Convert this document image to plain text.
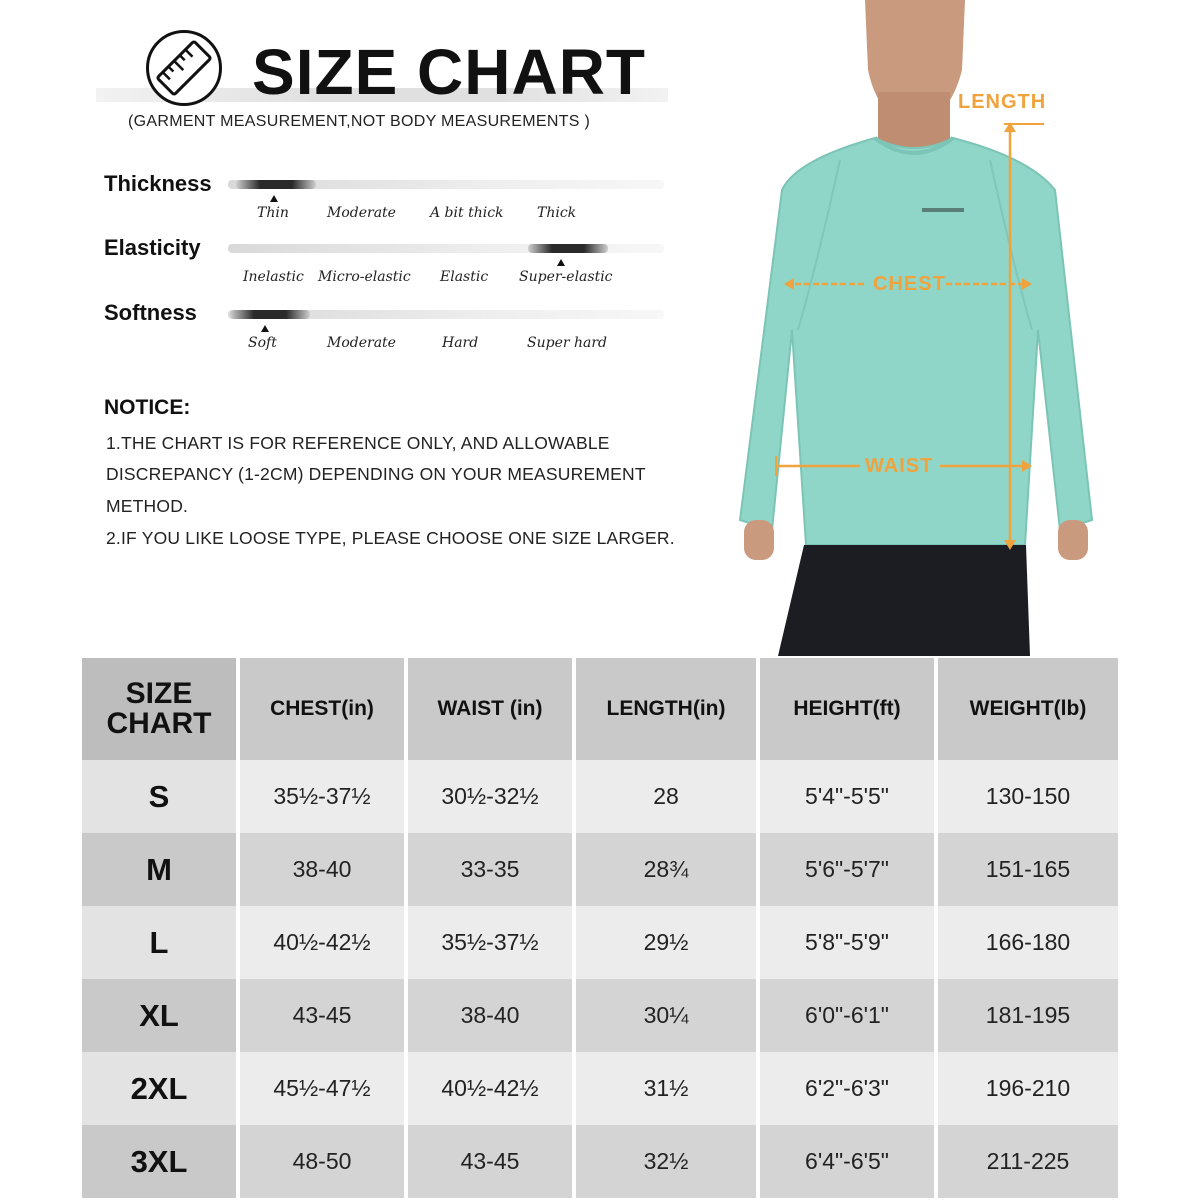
SIZE CHART
(GARMENT MEASUREMENT,NOT BODY MEASUREMENTS )
Thickness
Thin	Moderate A bit thick Thick
Elasticity
Inelastic Micro-elastic Elastic Super-elastic
Softness
Soft	Moderate	Hard	Super hard
NOTICE:
1.THE CHART IS FOR REFERENCE ONLY, AND ALLOWABLE
DISCREPANCY (1-2CM) DEPENDING ON YOUR MEASUREMENT
METHOD.
2.IF YOU LIKE LOOSE TYPE, PLEASE CHOOSE ONE SIZE LARGER.
LENGTH
CHEST
WAIST
SIZE
CHART	CHEST(in)	WAIST (in)	LENGTH(in)	HEIGHT(ft)	WEIGHT(lb)
S	35½-37½	30½-32½	28	5'4"-5'5"	130-150
M	38-40	33-35	28¾	5'6"-5'7"	151-165
L	40½-42½	35½-37½	29½	5'8"-5'9"	166-180
XL	43-45	38-40	30¼	6'0"-6'1"	181-195
2XL	45½-47½	40½-42½	31½	6'2"-6'3"	196-210
3XL	48-50	43-45	32½	6'4"-6'5"	211-225
